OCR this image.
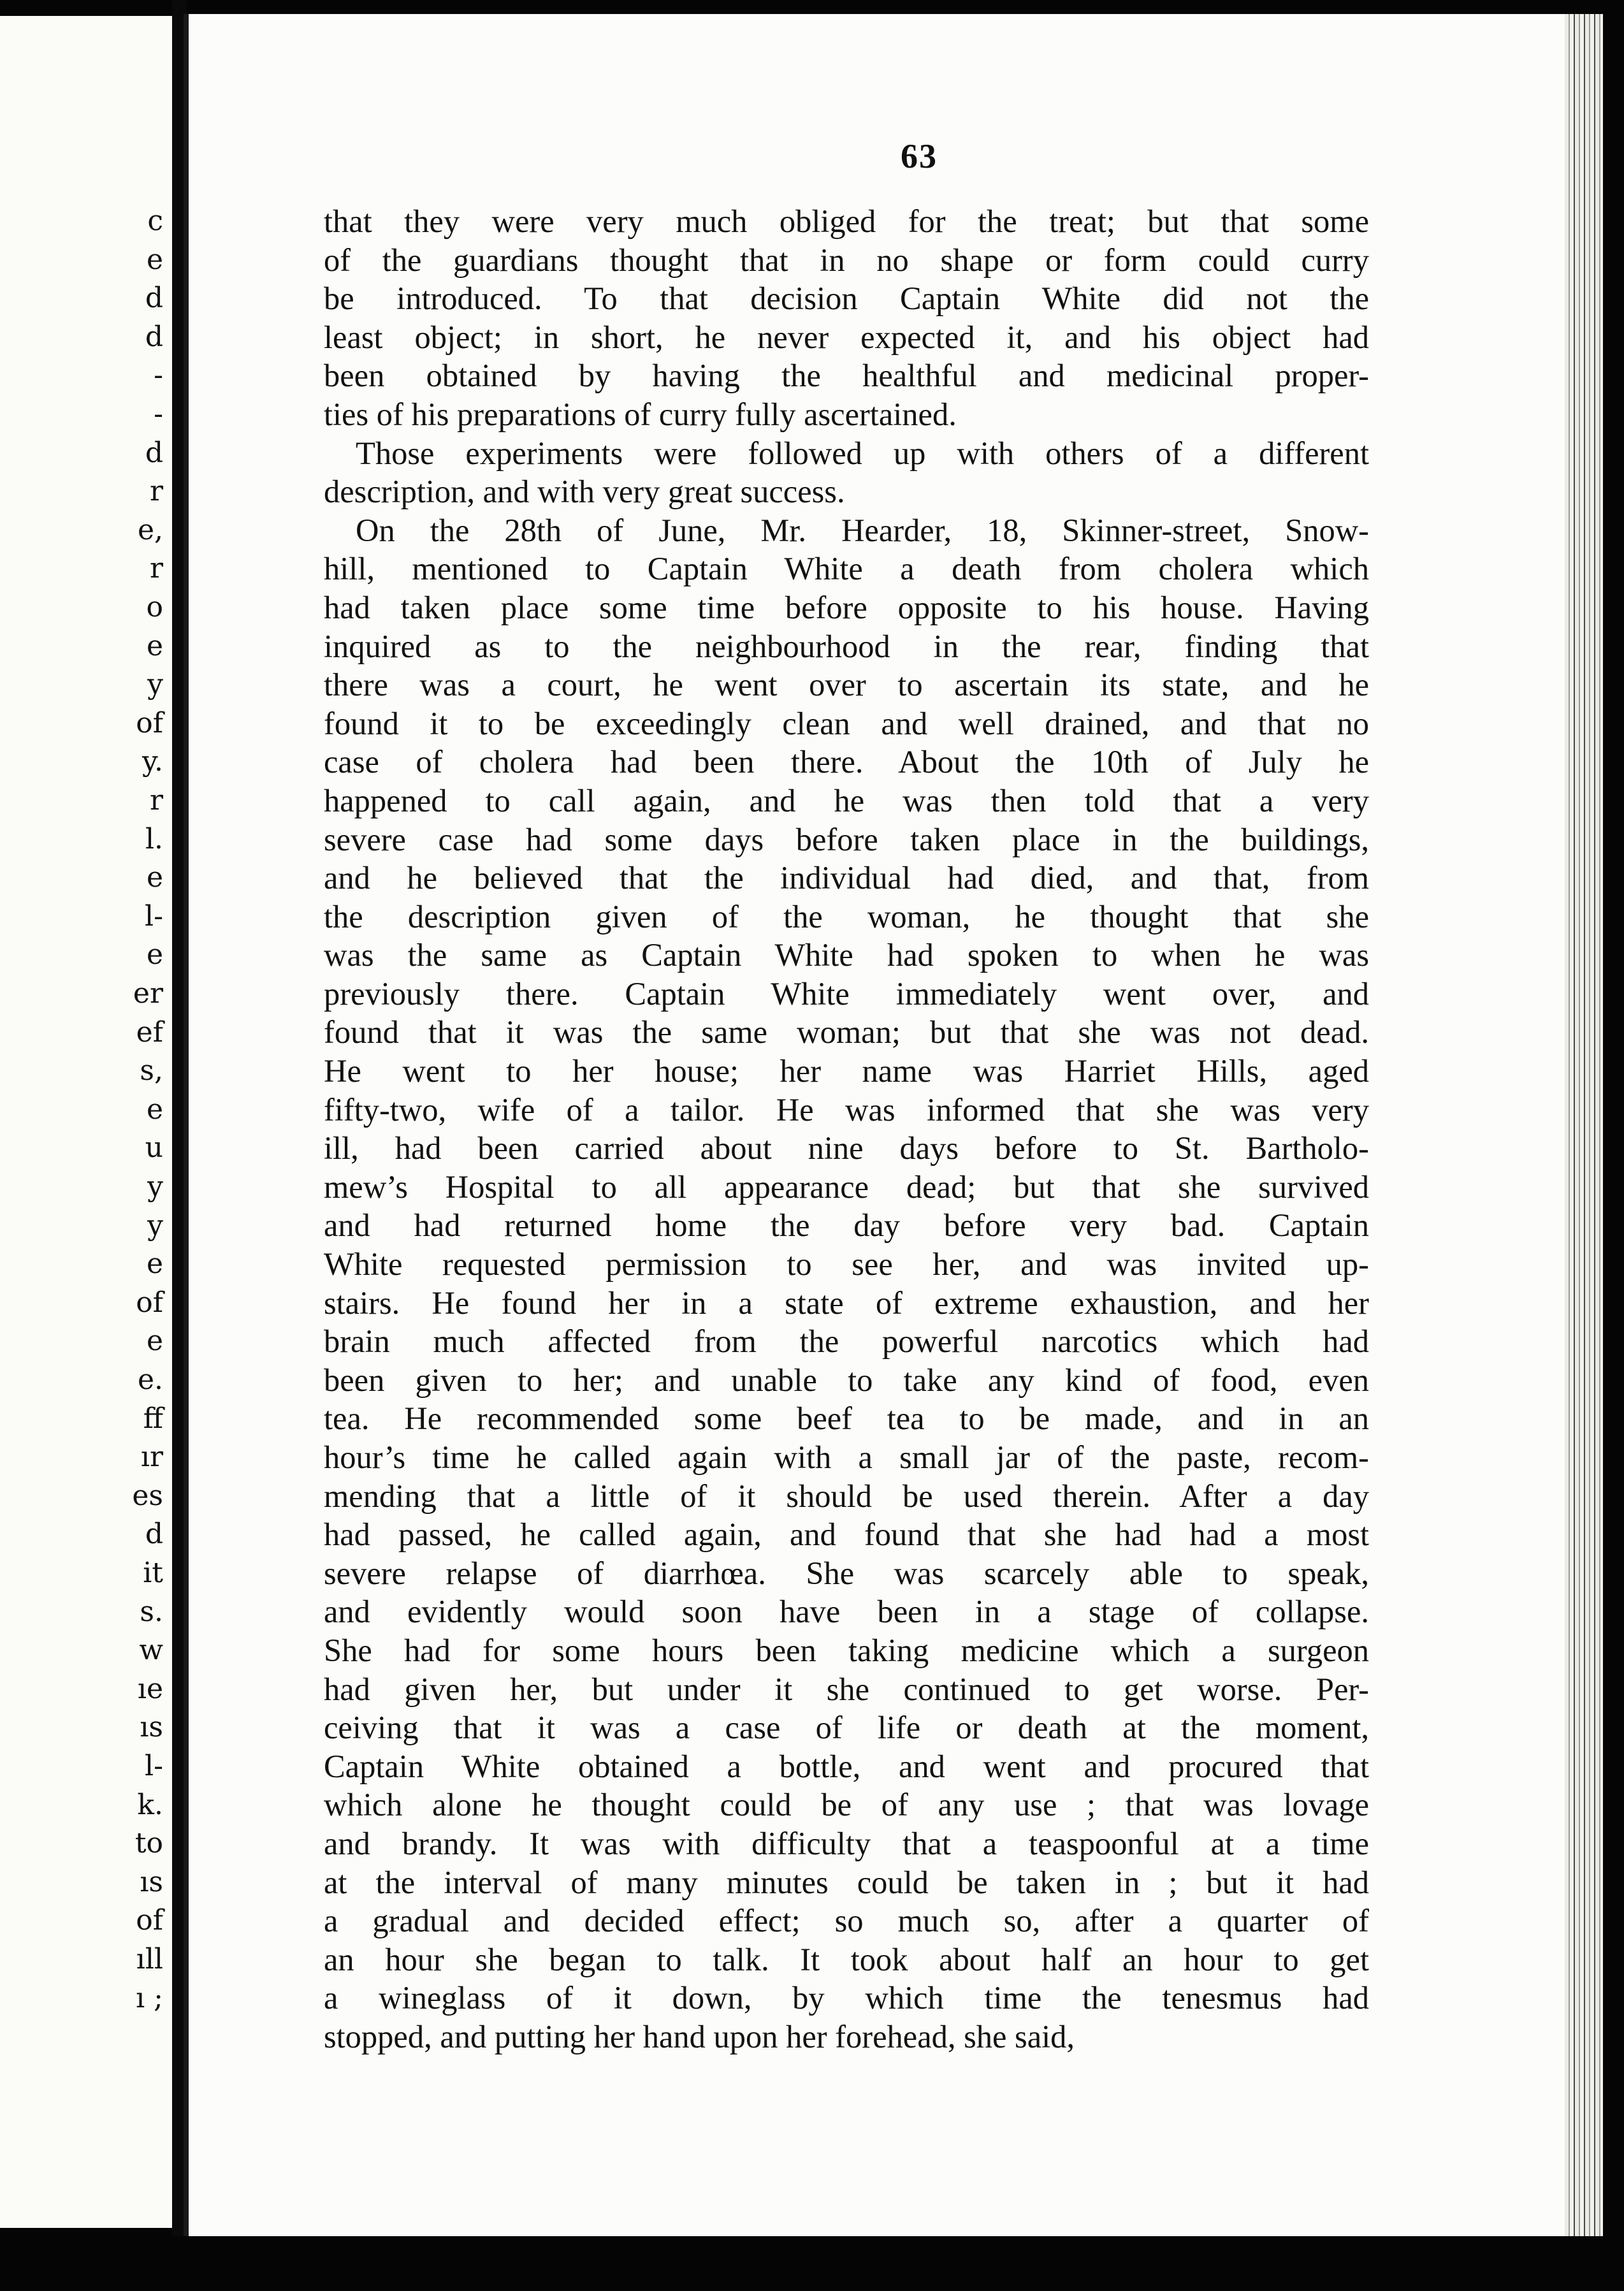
c
e
d
d
-
-
d
r
e,
r
o
e
y
of
y.
r
l.
e
l-
e
er
ef
s,
e
u
y
y
e
of
e
e.
ff
ır
es
d
it
s.
w
ıe
ıs
l-
k.
to
ıs
of
ıll
ı ;
63
that they were very much obliged for the treat; but that some
of the guardians thought that in no shape or form could curry
be introduced. To that decision Captain White did not the
least object; in short, he never expected it, and his object had
been obtained by having the healthful and medicinal proper-
ties of his preparations of curry fully ascertained.
Those experiments were followed up with others of a different
description, and with very great success.
On the 28th of June, Mr. Hearder, 18, Skinner-street, Snow-
hill, mentioned to Captain White a death from cholera which
had taken place some time before opposite to his house. Having
inquired as to the neighbourhood in the rear, finding that
there was a court, he went over to ascertain its state, and he
found it to be exceedingly clean and well drained, and that no
case of cholera had been there. About the 10th of July he
happened to call again, and he was then told that a very
severe case had some days before taken place in the buildings,
and he believed that the individual had died, and that, from
the description given of the woman, he thought that she
was the same as Captain White had spoken to when he was
previously there. Captain White immediately went over, and
found that it was the same woman; but that she was not dead.
He went to her house; her name was Harriet Hills, aged
fifty-two, wife of a tailor. He was informed that she was very
ill, had been carried about nine days before to St. Bartholo-
mew’s Hospital to all appearance dead; but that she survived
and had returned home the day before very bad. Captain
White requested permission to see her, and was invited up-
stairs. He found her in a state of extreme exhaustion, and her
brain much affected from the powerful narcotics which had
been given to her; and unable to take any kind of food, even
tea. He recommended some beef tea to be made, and in an
hour’s time he called again with a small jar of the paste, recom-
mending that a little of it should be used therein. After a day
had passed, he called again, and found that she had had a most
severe relapse of diarrhœa. She was scarcely able to speak,
and evidently would soon have been in a stage of collapse.
She had for some hours been taking medicine which a surgeon
had given her, but under it she continued to get worse. Per-
ceiving that it was a case of life or death at the moment,
Captain White obtained a bottle, and went and procured that
which alone he thought could be of any use ; that was lovage
and brandy. It was with difficulty that a teaspoonful at a time
at the interval of many minutes could be taken in ; but it had
a gradual and decided effect; so much so, after a quarter of
an hour she began to talk. It took about half an hour to get
a wineglass of it down, by which time the tenesmus had
stopped, and putting her hand upon her forehead, she said,
